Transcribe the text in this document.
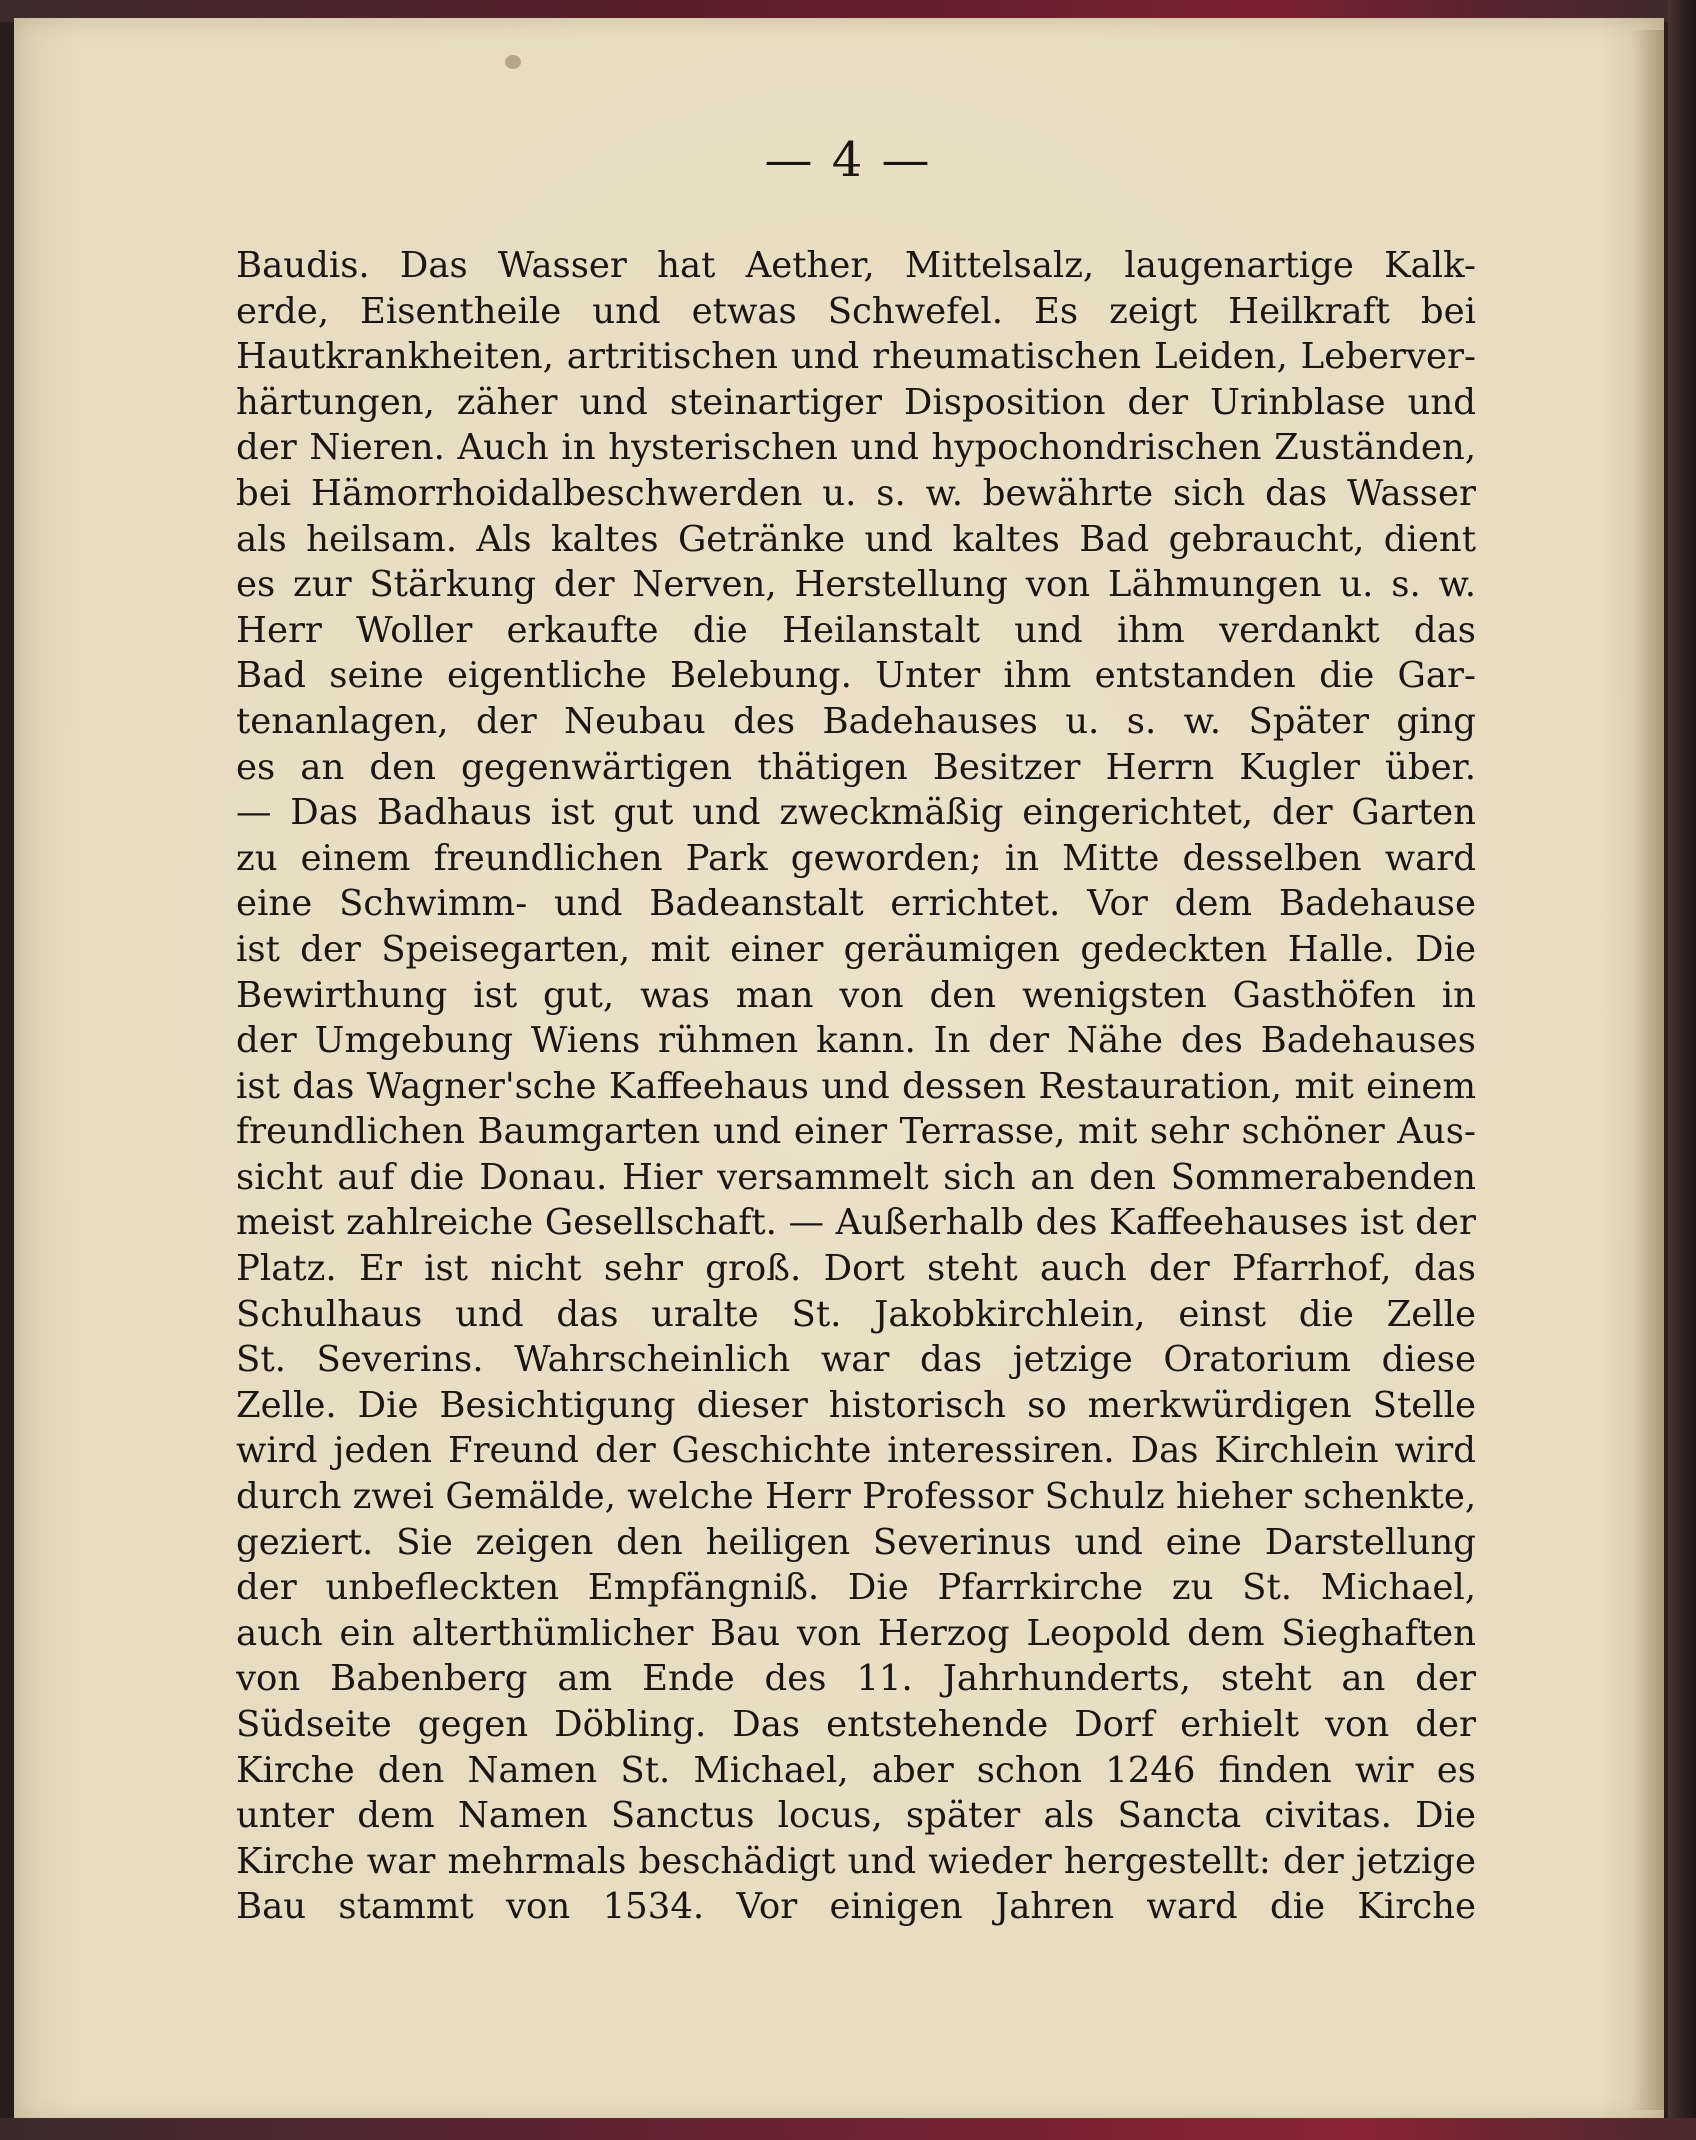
— 4 —
Baudis. Das Wasser hat Aether, Mittelsalz, laugenartige Kalk-
erde, Eisentheile und etwas Schwefel. Es zeigt Heilkraft bei
Hautkrankheiten, artritischen und rheumatischen Leiden, Leberver-
härtungen, zäher und steinartiger Disposition der Urinblase und
der Nieren. Auch in hysterischen und hypochondrischen Zuständen,
bei Hämorrhoidalbeschwerden u. s. w. bewährte sich das Wasser
als heilsam. Als kaltes Getränke und kaltes Bad gebraucht, dient
es zur Stärkung der Nerven, Herstellung von Lähmungen u. s. w.
Herr Woller erkaufte die Heilanstalt und ihm verdankt das
Bad seine eigentliche Belebung. Unter ihm entstanden die Gar-
tenanlagen, der Neubau des Badehauses u. s. w. Später ging
es an den gegenwärtigen thätigen Besitzer Herrn Kugler über.
— Das Badhaus ist gut und zweckmäßig eingerichtet, der Garten
zu einem freundlichen Park geworden; in Mitte desselben ward
eine Schwimm- und Badeanstalt errichtet. Vor dem Badehause
ist der Speisegarten, mit einer geräumigen gedeckten Halle. Die
Bewirthung ist gut, was man von den wenigsten Gasthöfen in
der Umgebung Wiens rühmen kann. In der Nähe des Badehauses
ist das Wagner'sche Kaffeehaus und dessen Restauration, mit einem
freundlichen Baumgarten und einer Terrasse, mit sehr schöner Aus-
sicht auf die Donau. Hier versammelt sich an den Sommerabenden
meist zahlreiche Gesellschaft. — Außerhalb des Kaffeehauses ist der
Platz. Er ist nicht sehr groß. Dort steht auch der Pfarrhof, das
Schulhaus und das uralte St. Jakobkirchlein, einst die Zelle
St. Severins. Wahrscheinlich war das jetzige Oratorium diese
Zelle. Die Besichtigung dieser historisch so merkwürdigen Stelle
wird jeden Freund der Geschichte interessiren. Das Kirchlein wird
durch zwei Gemälde, welche Herr Professor Schulz hieher schenkte,
geziert. Sie zeigen den heiligen Severinus und eine Darstellung
der unbefleckten Empfängniß. Die Pfarrkirche zu St. Michael,
auch ein alterthümlicher Bau von Herzog Leopold dem Sieghaften
von Babenberg am Ende des 11. Jahrhunderts, steht an der
Südseite gegen Döbling. Das entstehende Dorf erhielt von der
Kirche den Namen St. Michael, aber schon 1246 finden wir es
unter dem Namen Sanctus locus, später als Sancta civitas. Die
Kirche war mehrmals beschädigt und wieder hergestellt: der jetzige
Bau stammt von 1534. Vor einigen Jahren ward die Kirche
